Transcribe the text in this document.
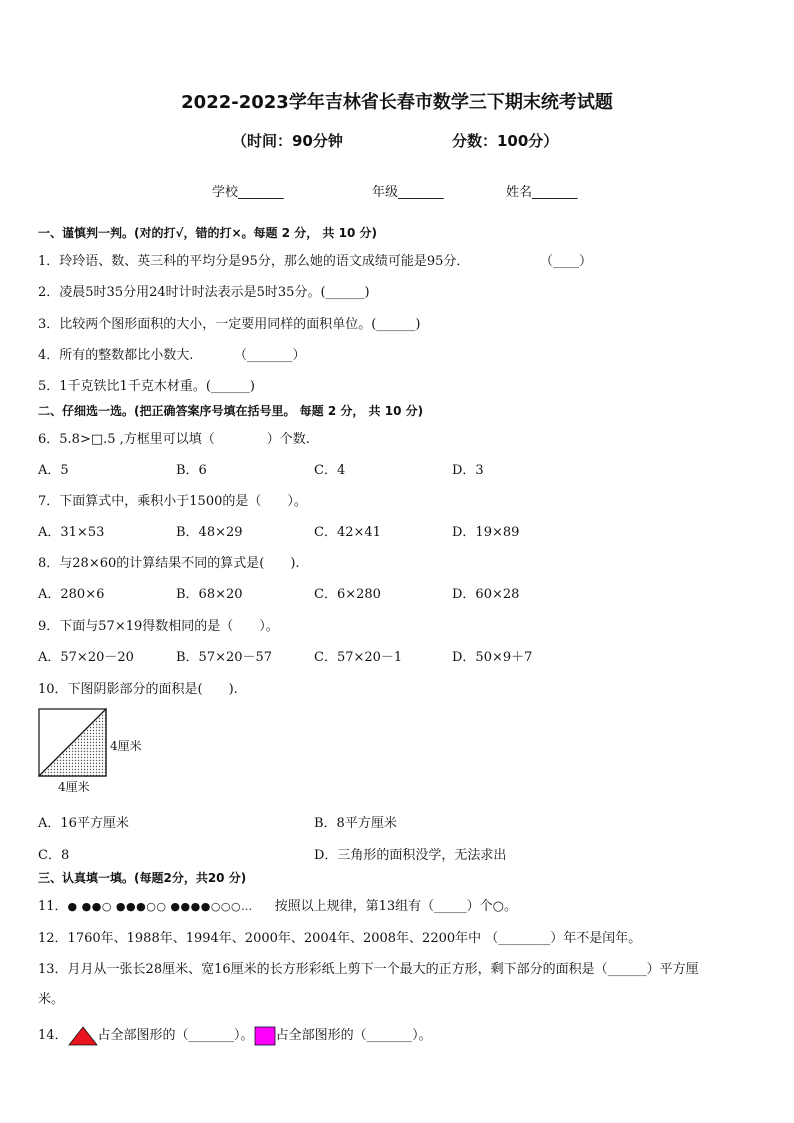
2022-2023学年吉林省长春市数学三下期末统考试题
（时间：90分钟	分数：100分）
学校_______	年级_______	姓名_______
一、谨慎判一判。(对的打√，错的打×。每题 2 分， 共 10 分)
1．玲玲语、数、英三科的平均分是95分，那么她的语文成绩可能是95分．	（____）
2．凌晨5时35分用24时计时法表示是5时35分。(______)
3．比较两个图形面积的大小，一定要用同样的面积单位。(______)
4．所有的整数都比小数大.	（_______）
5．1千克铁比1千克木材重。(______)
二、仔细选一选。(把正确答案序号填在括号里。 每题 2 分， 共 10 分)
6．5.8>□.5 ,方框里可以填（　　　　）个数.
A．5	B．6	C．4	D．3
7．下面算式中，乘积小于1500的是（　　）。
A．31×53	B．48×29	C．42×41	D．19×89
8．与28×60的计算结果不同的算式是(　　).
A．280×6	B．68×20	C．6×280	D．60×28
9．下面与57×19得数相同的是（　　）。
A．57×20－20	B．57×20－57	C．57×20－1	D．50×9＋7
10．下图阴影部分的面积是(　　).
4厘米
4厘米
A．16平方厘米	B．8平方厘米
C．8	D．三角形的面积没学，无法求出
三、认真填一填。(每题2分，共20 分)
11．● ●●○ ●●●○○ ●●●●○○○… 按照以上规律，第13组有（_____）个○。
12．1760年、1988年、1994年、2000年、2004年、2008年、2200年中 （________）年不是闰年。
13．月月从一张长28厘米、宽16厘米的长方形彩纸上剪下一个最大的正方形，剩下部分的面积是（______）平方厘
米。
14． 占全部图形的（_______）。 占全部图形的（_______）。
